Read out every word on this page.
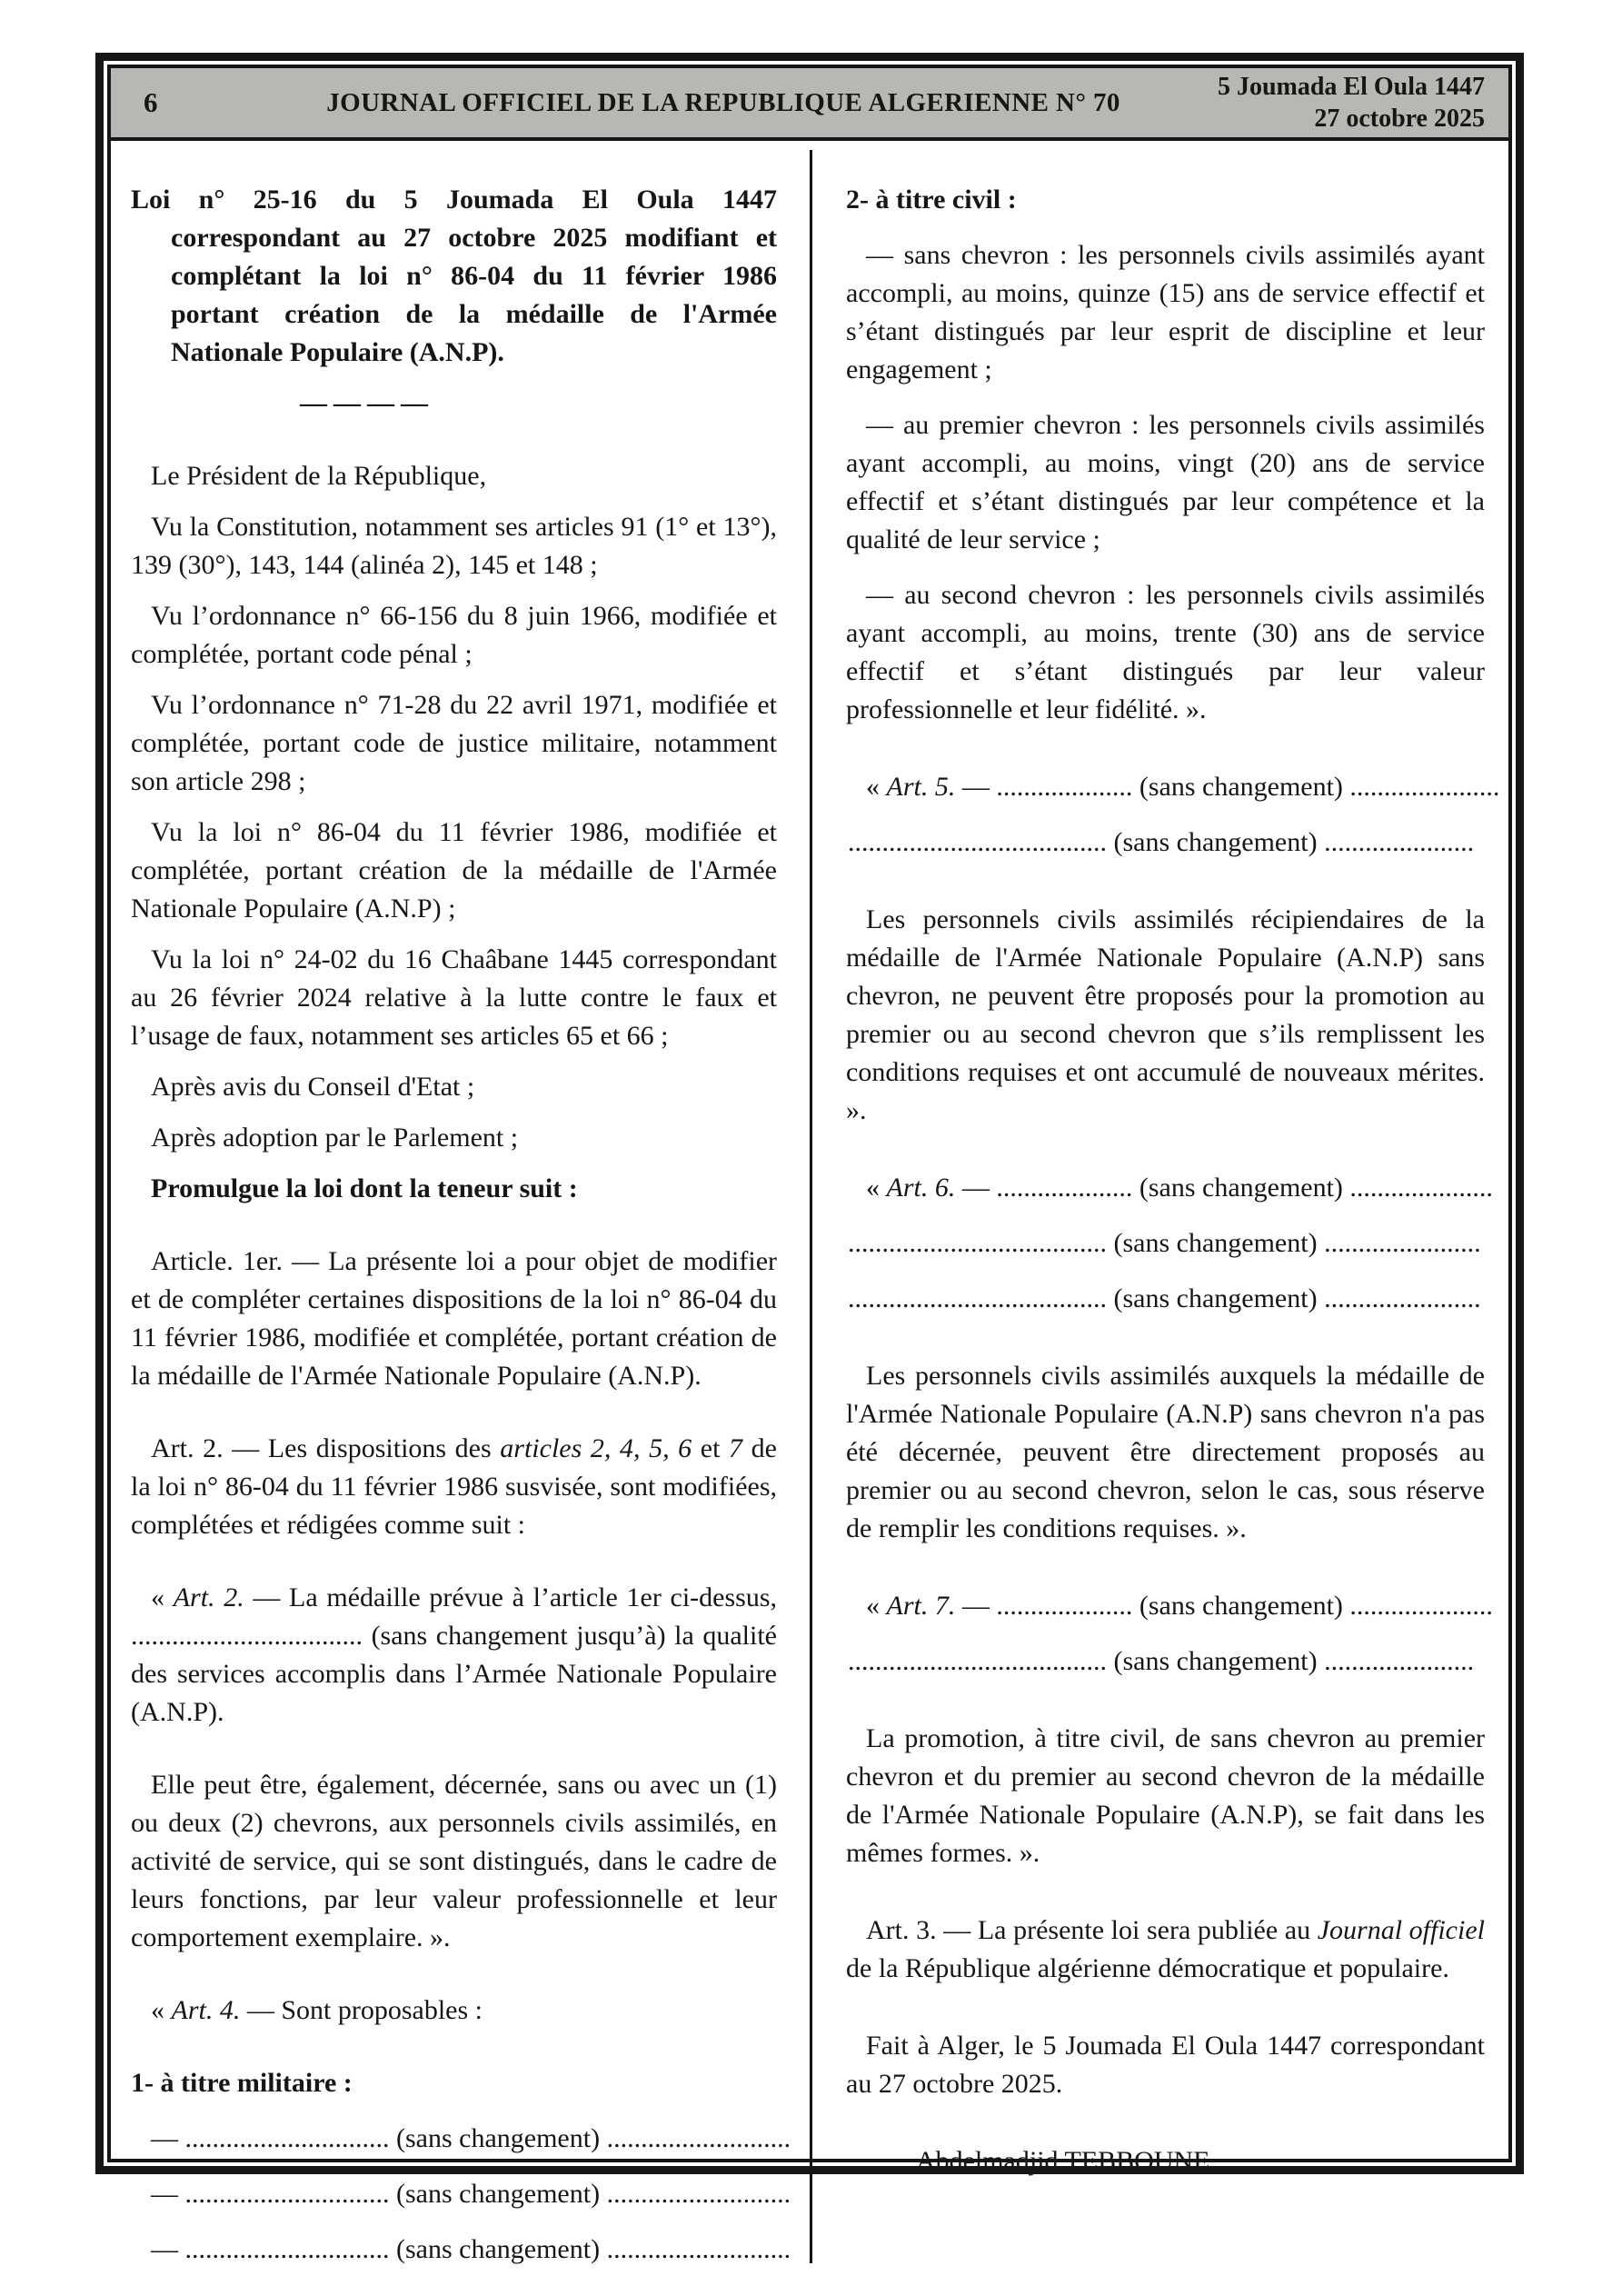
6	JOURNAL OFFICIEL DE LA REPUBLIQUE ALGERIENNE N° 70
5 Joumada El Oula 1447
27 octobre 2025

Loi n° 25-16 du 5 Joumada El Oula 1447 correspondant au 27 octobre 2025 modifiant et complétant la loi n° 86-04 du 11 février 1986 portant création de la médaille de l'Armée Nationale Populaire (A.N.P).

————

Le Président de la République,

Vu la Constitution, notamment ses articles 91 (1° et 13°), 139 (30°), 143, 144 (alinéa 2), 145 et 148 ;

Vu l’ordonnance n° 66-156 du 8 juin 1966, modifiée et complétée, portant code pénal ;

Vu l’ordonnance n° 71-28 du 22 avril 1971, modifiée et complétée, portant code de justice militaire, notamment son article 298 ;

Vu la loi n° 86-04 du 11 février 1986, modifiée et complétée, portant création de la médaille de l'Armée Nationale Populaire (A.N.P) ;

Vu la loi n° 24-02 du 16 Chaâbane 1445 correspondant au 26 février 2024 relative à la lutte contre le faux et l’usage de faux, notamment ses articles 65 et 66 ;

Après avis du Conseil d'Etat ;

Après adoption par le Parlement ;

Promulgue la loi dont la teneur suit :

Article. 1er. — La présente loi a pour objet de modifier et de compléter certaines dispositions de la loi n° 86-04 du 11 février 1986, modifiée et complétée, portant création de la médaille de l'Armée Nationale Populaire (A.N.P).

Art. 2. — Les dispositions des articles 2, 4, 5, 6 et 7 de la loi n° 86-04 du 11 février 1986 susvisée, sont modifiées, complétées et rédigées comme suit :

« Art. 2. — La médaille prévue à l’article 1er ci-dessus, .................................. (sans changement jusqu’à) la qualité des services accomplis dans l’Armée Nationale Populaire (A.N.P).

Elle peut être, également, décernée, sans ou avec un (1) ou deux (2) chevrons, aux personnels civils assimilés, en activité de service, qui se sont distingués, dans le cadre de leurs fonctions, par leur valeur professionnelle et leur comportement exemplaire. ».

« Art. 4. — Sont proposables :

1- à titre militaire :

— .............................. (sans changement) ...........................

— .............................. (sans changement) ...........................

— .............................. (sans changement) ...........................

2- à titre civil :

— sans chevron : les personnels civils assimilés ayant accompli, au moins, quinze (15) ans de service effectif et s’étant distingués par leur esprit de discipline et leur engagement ;

— au premier chevron : les personnels civils assimilés ayant accompli, au moins, vingt (20) ans de service effectif et s’étant distingués par leur compétence et la qualité de leur service ;

— au second chevron : les personnels civils assimilés ayant accompli, au moins, trente (30) ans de service effectif et s’étant distingués par leur valeur professionnelle et leur fidélité. ».

« Art. 5. — .................... (sans changement) ......................

...................................... (sans changement) ......................

Les personnels civils assimilés récipiendaires de la médaille de l'Armée Nationale Populaire (A.N.P) sans chevron, ne peuvent être proposés pour la promotion au premier ou au second chevron que s’ils remplissent les conditions requises et ont accumulé de nouveaux mérites. ».

« Art. 6. — .................... (sans changement) .....................

...................................... (sans changement) .......................

...................................... (sans changement) .......................

Les personnels civils assimilés auxquels la médaille de l'Armée Nationale Populaire (A.N.P) sans chevron n'a pas été décernée, peuvent être directement proposés au premier ou au second chevron, selon le cas, sous réserve de remplir les conditions requises. ».

« Art. 7. — .................... (sans changement) .....................

...................................... (sans changement) ......................

La promotion, à titre civil, de sans chevron au premier chevron et du premier au second chevron de la médaille de l'Armée Nationale Populaire (A.N.P), se fait dans les mêmes formes. ».

Art. 3. — La présente loi sera publiée au Journal officiel de la République algérienne démocratique et populaire.

Fait à Alger, le 5 Joumada El Oula 1447 correspondant au 27 octobre 2025.

Abdelmadjid TEBBOUNE.
